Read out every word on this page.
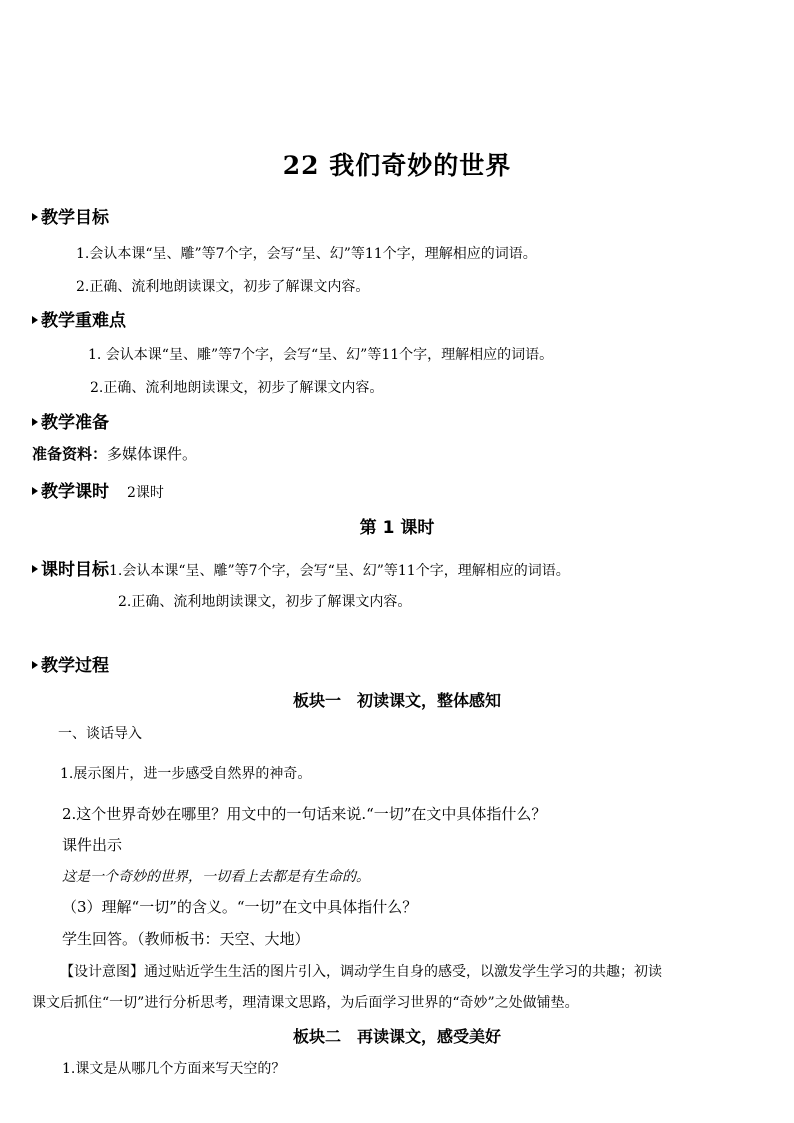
22 我们奇妙的世界
教学目标
1.会认本课“呈、雕”等7个字，会写“呈、幻”等11个字，理解相应的词语。
2.正确、流利地朗读课文，初步了解课文内容。
教学重难点
1. 会认本课“呈、雕”等7个字，会写“呈、幻”等11个字，理解相应的词语。
2.正确、流利地朗读课文，初步了解课文内容。
教学准备
准备资料：多媒体课件。
教学课时 2课时
第 1 课时
课时目标1.会认本课“呈、雕”等7个字，会写“呈、幻”等11个字，理解相应的词语。
2.正确、流利地朗读课文，初步了解课文内容。
教学过程
板块一　初读课文，整体感知
一、谈话导入
1.展示图片，进一步感受自然界的神奇。
2.这个世界奇妙在哪里？用文中的一句话来说.“一切”在文中具体指什么？
课件出示
这是一个奇妙的世界，一切看上去都是有生命的。
（3）理解“一切”的含义。“一切”在文中具体指什么？
学生回答。（教师板书：天空、大地）
【设计意图】通过贴近学生生活的图片引入，调动学生自身的感受，以激发学生学习的共趣；初读
课文后抓住“一切”进行分析思考，理清课文思路，为后面学习世界的“奇妙”之处做铺垫。
板块二　再读课文，感受美好
1.课文是从哪几个方面来写天空的？
